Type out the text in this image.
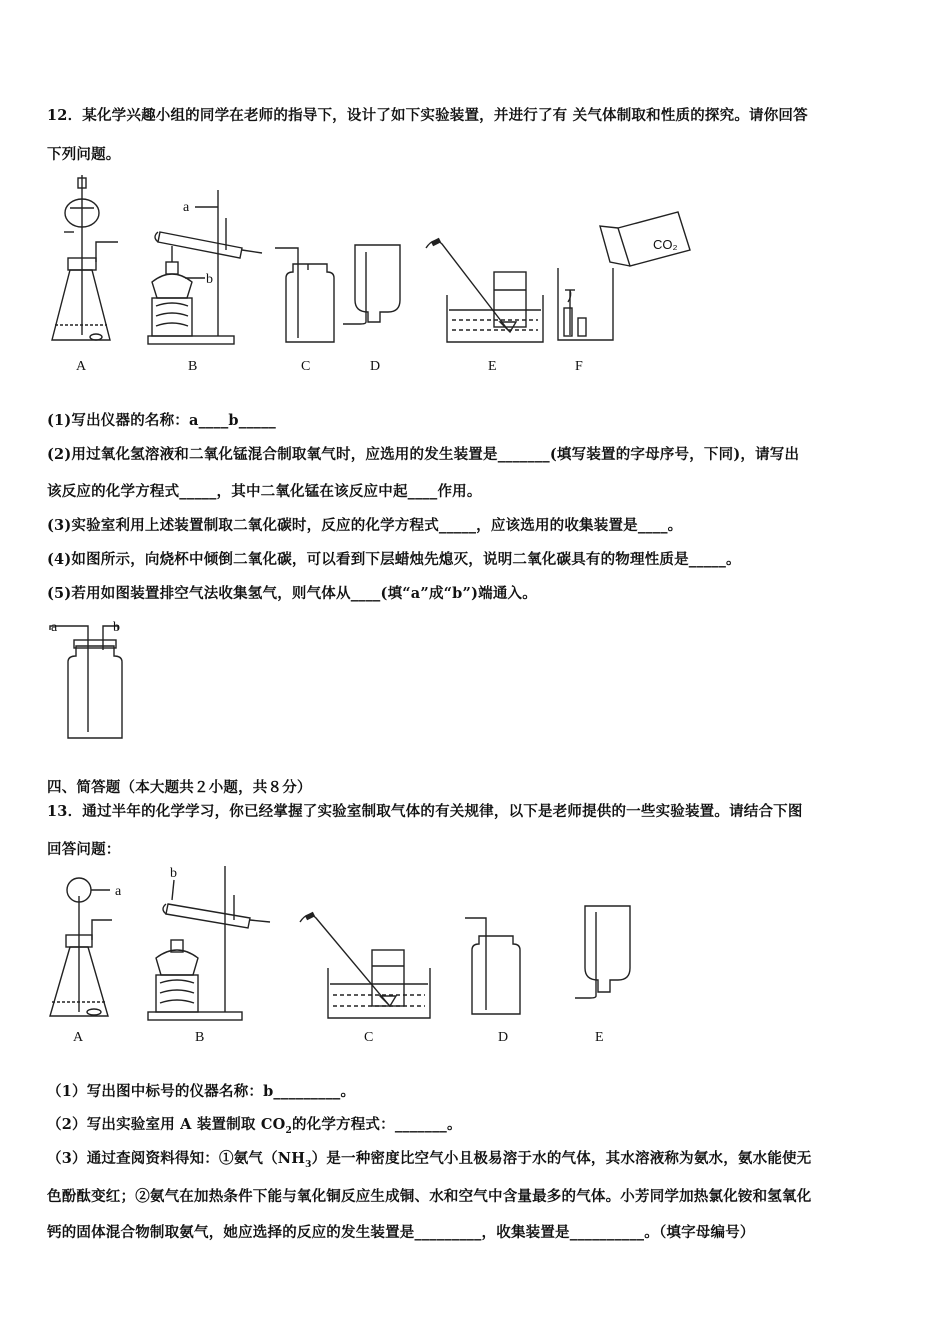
12．某化学兴趣小组的同学在老师的指导下，设计了如下实验装置，并进行了有 关气体制取和性质的探究。请你回答
下列问题。
CO₂
a
b
A	B	C	D	E	F
a	b
a
b
A	B	C	D	E
(1)写出仪器的名称：a____b_____
(2)用过氧化氢溶液和二氧化锰混合制取氧气时，应选用的发生装置是_______(填写装置的字母序号，下同)，请写出
该反应的化学方程式_____，其中二氧化锰在该反应中起____作用。
(3)实验室利用上述装置制取二氧化碳时，反应的化学方程式_____，应该选用的收集装置是____。
(4)如图所示，向烧杯中倾倒二氧化碳，可以看到下层蜡烛先熄灭，说明二氧化碳具有的物理性质是_____。
(5)若用如图装置排空气法收集氢气，则气体从____(填“a”成“b”)端通入。
四、简答题（本大题共２小题，共８分）
13．通过半年的化学学习，你已经掌握了实验室制取气体的有关规律，以下是老师提供的一些实验装置。请结合下图
回答问题：
（1）写出图中标号的仪器名称：b_________。
（2）写出实验室用 A 装置制取 $CO_2$的化学方程式：_______。
（3）通过查阅资料得知：①氨气$(NH_3)$是一种密度比空气小且极易溶于水的气体，其水溶液称为氨水，氨水能使无
色酚酞变红；②氨气在加热条件下能与氧化铜反应生成铜、水和空气中含量最多的气体。小芳同学加热氯化铵和氢氧化
钙的固体混合物制取氨气，她应选择的反应的发生装置是_________，收集装置是__________。（填字母编号）
